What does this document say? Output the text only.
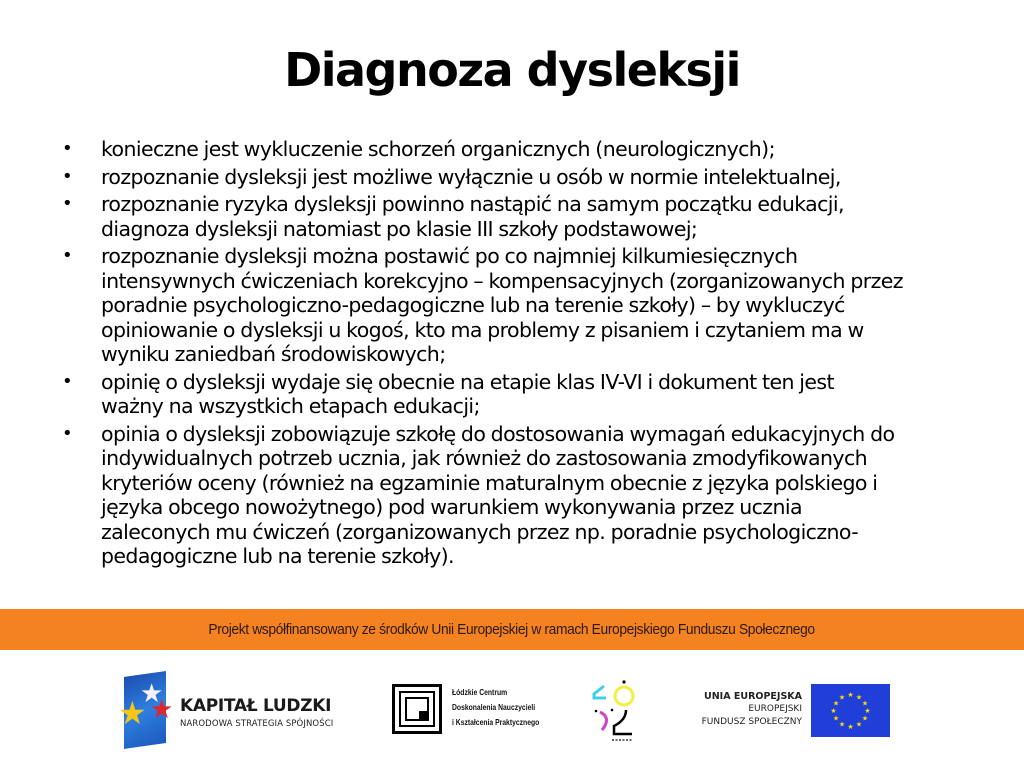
Diagnoza dysleksji
• konieczne jest wykluczenie schorzeń organicznych (neurologicznych);
• rozpoznanie dysleksji jest możliwe wyłącznie u osób w normie intelektualnej,
• rozpoznanie ryzyka dysleksji powinno nastąpić na samym początku edukacji,
diagnoza dysleksji natomiast po klasie III szkoły podstawowej;
• rozpoznanie dysleksji można postawić po co najmniej kilkumiesięcznych
intensywnych ćwiczeniach korekcyjno – kompensacyjnych (zorganizowanych przez
poradnie psychologiczno-pedagogiczne lub na terenie szkoły) – by wykluczyć
opiniowanie o dysleksji u kogoś, kto ma problemy z pisaniem i czytaniem ma w
wyniku zaniedbań środowiskowych;
• opinię o dysleksji wydaje się obecnie na etapie klas IV-VI i dokument ten jest
ważny na wszystkich etapach edukacji;
• opinia o dysleksji zobowiązuje szkołę do dostosowania wymagań edukacyjnych do
indywidualnych potrzeb ucznia, jak również do zastosowania zmodyfikowanych
kryteriów oceny (również na egzaminie maturalnym obecnie z języka polskiego i
języka obcego nowożytnego) pod warunkiem wykonywania przez ucznia
zaleconych mu ćwiczeń (zorganizowanych przez np. poradnie psychologiczno-
pedagogiczne lub na terenie szkoły).
Projekt współfinansowany ze środków Unii Europejskiej w ramach Europejskiego Funduszu Społecznego
★
★ ★ KAPITAŁ LUDZKI
NARODOWA STRATEGIA SPÓJNOŚCI
Łódzkie Centrum
Doskonalenia Nauczycieli
i Kształcenia Praktycznego
UNIA EUROPEJSKA
EUROPEJSKI
FUNDUSZ SPOŁECZNY
★ ★
★
★
★
★
★
★
★
★
★
★
